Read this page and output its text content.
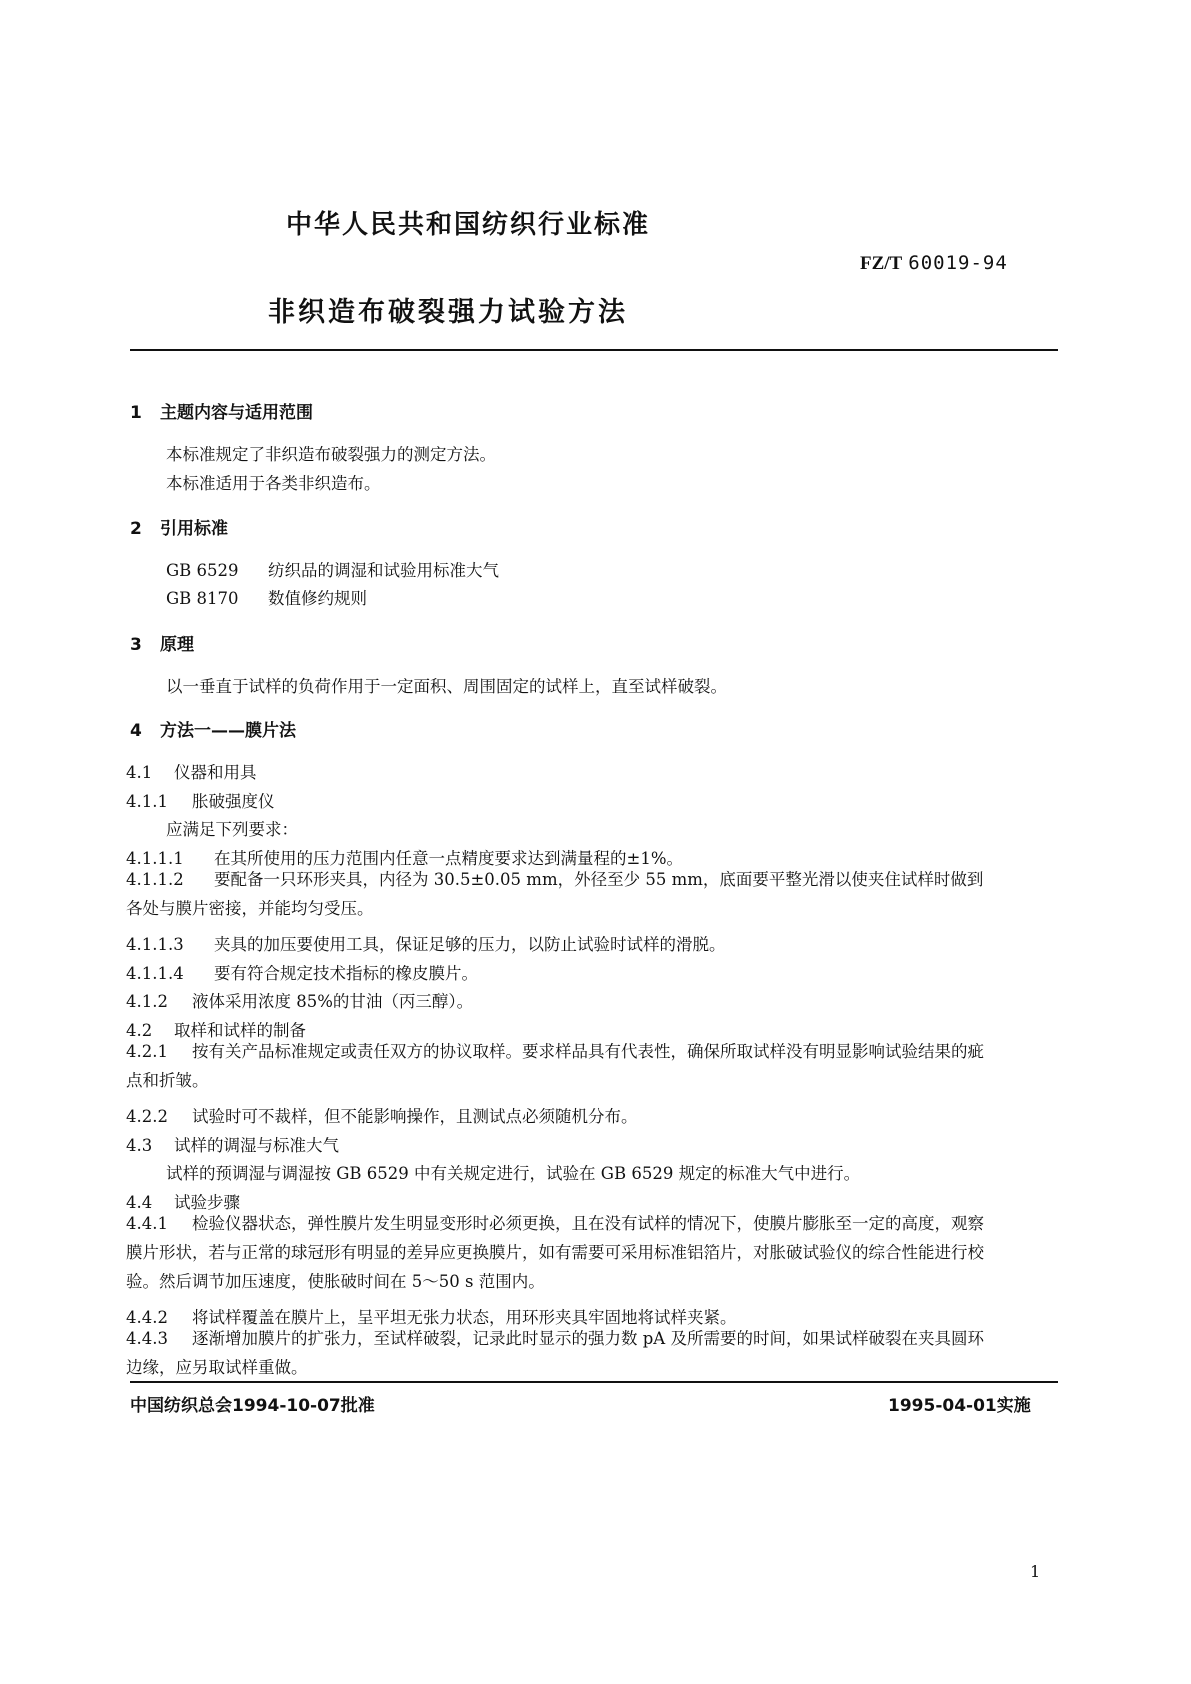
中华人民共和国纺织行业标准
FZ/T 60019-94
非织造布破裂强力试验方法
1 主题内容与适用范围
本标准规定了非织造布破裂强力的测定方法。
本标准适用于各类非织造布。
2 引用标准
GB 6529 纺织品的调湿和试验用标准大气
GB 8170 数值修约规则
3 原理
以一垂直于试样的负荷作用于一定面积、周围固定的试样上，直至试样破裂。
4 方法一——膜片法
4.1 仪器和用具
4.1.1 胀破强度仪
应满足下列要求：
4.1.1.1 在其所使用的压力范围内任意一点精度要求达到满量程的±1%。
4.1.1.2 要配备一只环形夹具，内径为 30.5±0.05 mm，外径至少 55 mm，底面要平整光滑以使夹住试样时做到各处与膜片密接，并能均匀受压。
4.1.1.3 夹具的加压要使用工具，保证足够的压力，以防止试验时试样的滑脱。
4.1.1.4 要有符合规定技术指标的橡皮膜片。
4.1.2 液体采用浓度 85%的甘油（丙三醇）。
4.2 取样和试样的制备
4.2.1 按有关产品标准规定或责任双方的协议取样。要求样品具有代表性，确保所取试样没有明显影响试验结果的疵点和折皱。
4.2.2 试验时可不裁样，但不能影响操作，且测试点必须随机分布。
4.3 试样的调湿与标准大气
试样的预调湿与调湿按 GB 6529 中有关规定进行，试验在 GB 6529 规定的标准大气中进行。
4.4 试验步骤
4.4.1 检验仪器状态，弹性膜片发生明显变形时必须更换，且在没有试样的情况下，使膜片膨胀至一定的高度，观察膜片形状，若与正常的球冠形有明显的差异应更换膜片，如有需要可采用标准铝箔片，对胀破试验仪的综合性能进行校验。然后调节加压速度，使胀破时间在 5～50 s 范围内。
4.4.2 将试样覆盖在膜片上，呈平坦无张力状态，用环形夹具牢固地将试样夹紧。
4.4.3 逐渐增加膜片的扩张力，至试样破裂，记录此时显示的强力数 pA 及所需要的时间，如果试样破裂在夹具圆环边缘，应另取试样重做。
中国纺织总会1994-10-07批准	1995-04-01实施
1
